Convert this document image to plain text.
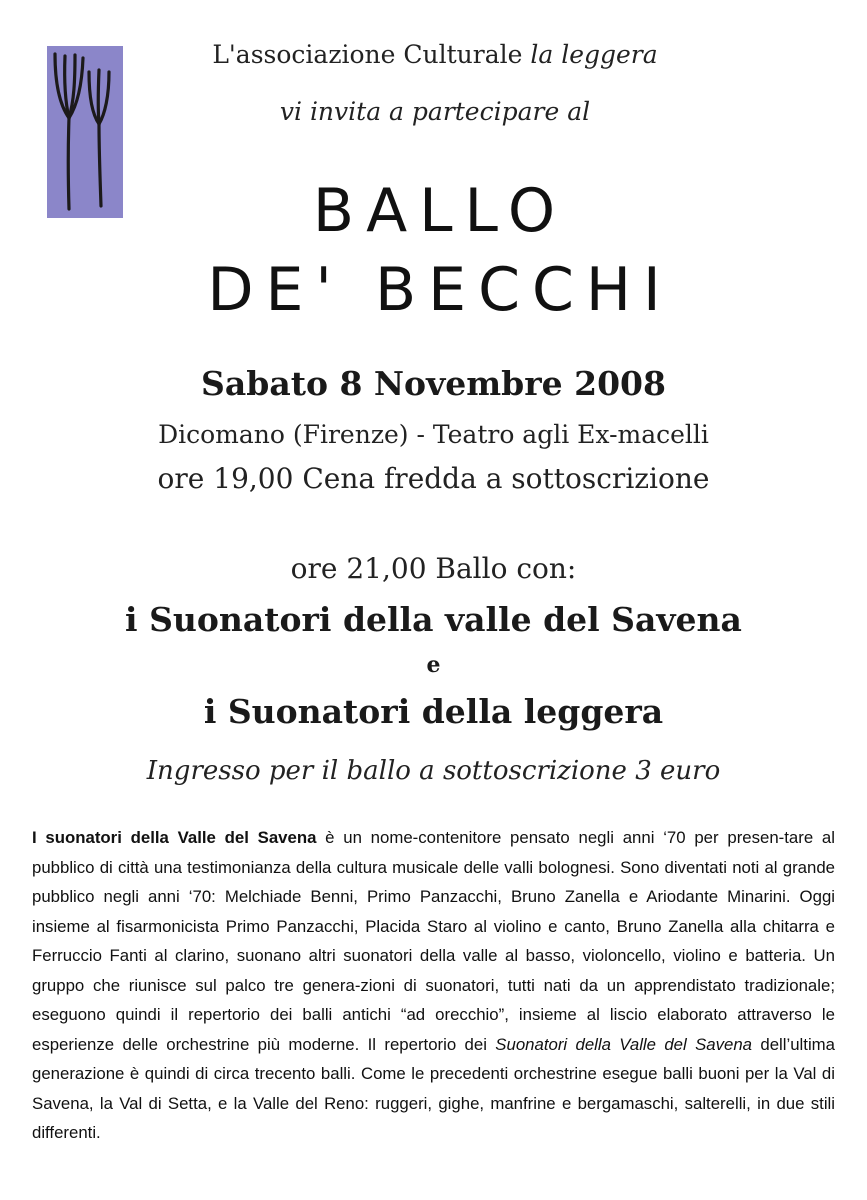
L'associazione Culturale la leggera
vi invita a partecipare al
BALLO
DE' BECCHI
Sabato 8 Novembre 2008
Dicomano (Firenze) - Teatro agli Ex-macelli
ore 19,00 Cena fredda a sottoscrizione
ore 21,00 Ballo con:
i Suonatori della valle del Savena
e
i Suonatori della leggera
Ingresso per il ballo a sottoscrizione 3 euro
I suonatori della Valle del Savena è un nome-contenitore pensato negli anni ‘70 per presen-tare al pubblico di città una testimonianza della cultura musicale delle valli bolognesi. Sono diventati noti al grande pubblico negli anni ‘70: Melchiade Benni, Primo Panzacchi, Bruno Zanella e Ariodante Minarini. Oggi insieme al fisarmonicista Primo Panzacchi, Placida Staro al violino e canto, Bruno Zanella alla chitarra e Ferruccio Fanti al clarino, suonano altri suonatori della valle al basso, violoncello, violino e batteria. Un gruppo che riunisce sul palco tre genera-zioni di suonatori, tutti nati da un apprendistato tradizionale; eseguono quindi il repertorio dei balli antichi “ad orecchio”, insieme al liscio elaborato attraverso le esperienze delle orchestrine più moderne. Il repertorio dei Suonatori della Valle del Savena dell’ultima generazione è quindi di circa trecento balli. Come le precedenti orchestrine esegue balli buoni per la Val di Savena, la Val di Setta, e la Valle del Reno: ruggeri, gighe, manfrine e bergamaschi, salterelli, in due stili differenti.
